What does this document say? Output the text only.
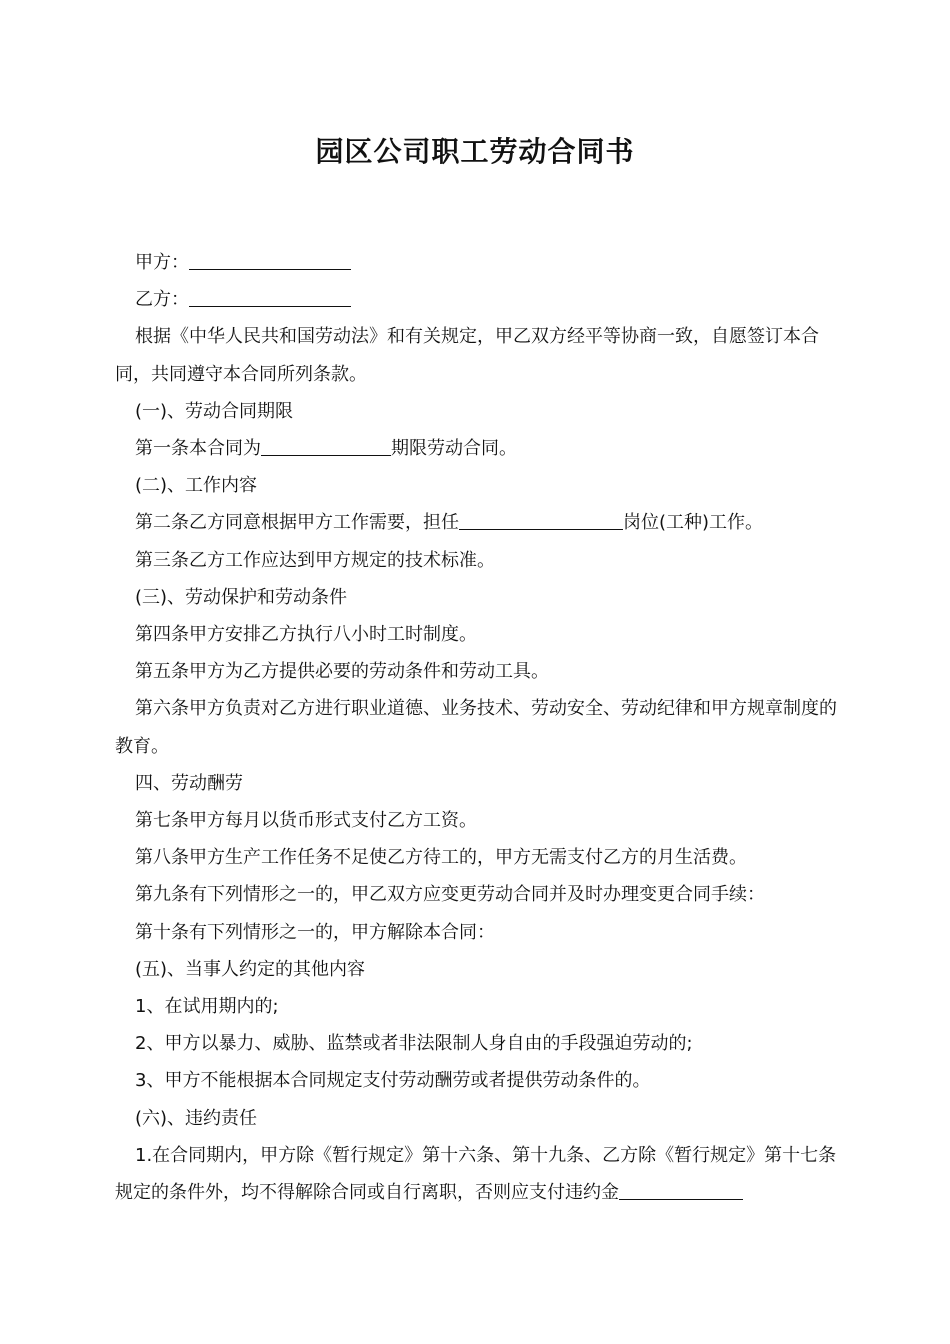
园区公司职工劳动合同书

甲方：

乙方：

根据《中华人民共和国劳动法》和有关规定，甲乙双方经平等协商一致，自愿签订本合同，共同遵守本合同所列条款。

(一)、劳动合同期限

第一条本合同为	期限劳动合同。

(二)、工作内容

第二条乙方同意根据甲方工作需要，担任	岗位(工种)工作。

第三条乙方工作应达到甲方规定的技术标准。

(三)、劳动保护和劳动条件

第四条甲方安排乙方执行八小时工时制度。

第五条甲方为乙方提供必要的劳动条件和劳动工具。

第六条甲方负责对乙方进行职业道德、业务技术、劳动安全、劳动纪律和甲方规章制度的教育。

四、劳动酬劳

第七条甲方每月以货币形式支付乙方工资。

第八条甲方生产工作任务不足使乙方待工的，甲方无需支付乙方的月生活费。

第九条有下列情形之一的，甲乙双方应变更劳动合同并及时办理变更合同手续：

第十条有下列情形之一的，甲方解除本合同：

(五)、当事人约定的其他内容

1、在试用期内的;

2、甲方以暴力、威胁、监禁或者非法限制人身自由的手段强迫劳动的;

3、甲方不能根据本合同规定支付劳动酬劳或者提供劳动条件的。

(六)、违约责任

1.在合同期内，甲方除《暂行规定》第十六条、第十九条、乙方除《暂行规定》第十七条规定的条件外，均不得解除合同或自行离职，否则应支付违约金
